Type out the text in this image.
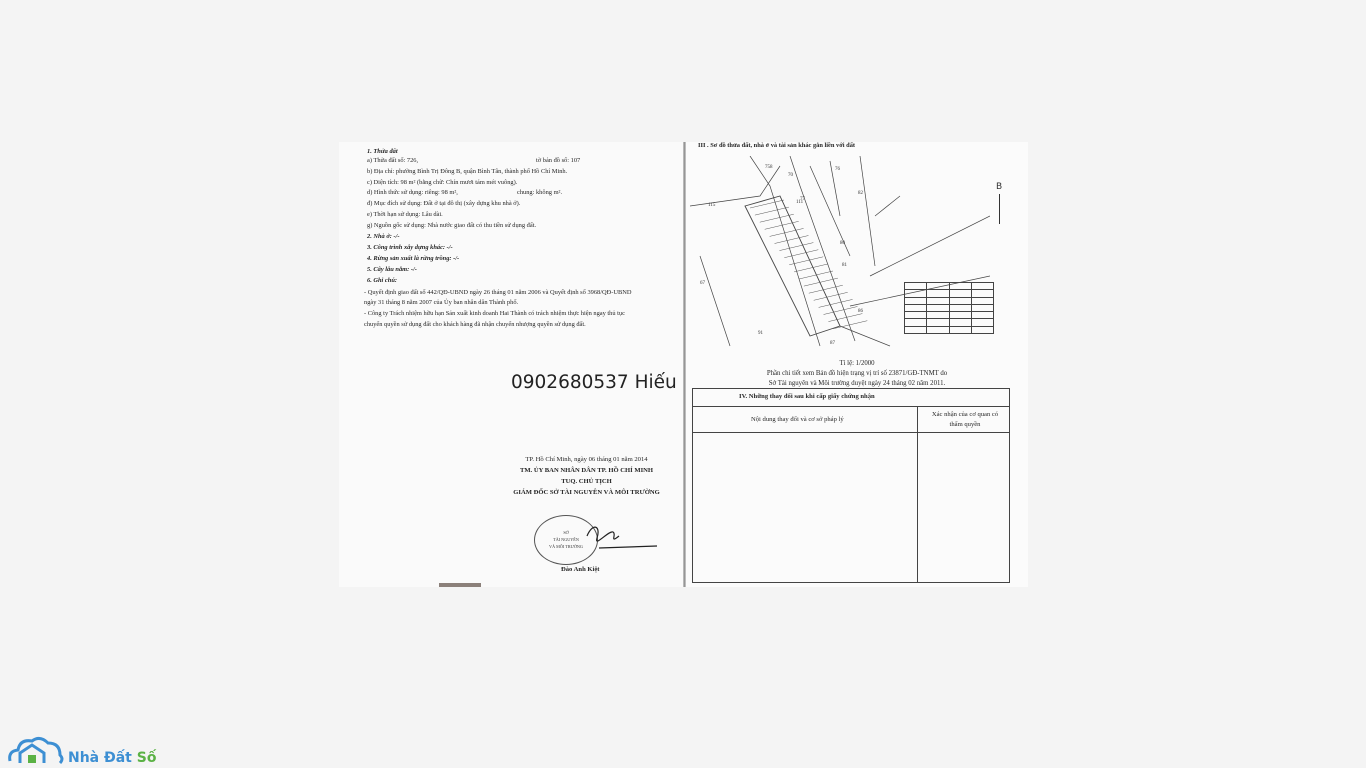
1. Thửa đất
a) Thửa đất số: 726,
b) Địa chỉ: phường Bình Trị Đông B, quận Bình Tân, thành phố Hồ Chí Minh.
c) Diện tích: 98 m² (bằng chữ: Chín mươi tám mét vuông).
d) Hình thức sử dụng: riêng: 98 m²,
đ) Mục đích sử dụng: Đất ở tại đô thị (xây dựng khu nhà ở).
e) Thời hạn sử dụng: Lâu dài.
g) Nguồn gốc sử dụng: Nhà nước giao đất có thu tiền sử dụng đất.
2. Nhà ở: -/-
3. Công trình xây dựng khác: -/-
4. Rừng sản xuất là rừng trồng: -/-
5. Cây lâu năm: -/-
6. Ghi chú:
- Quyết định giao đất số 442/QĐ-UBND ngày 26 tháng 01 năm 2006 và Quyết định số 3968/QĐ-UBND
ngày 31 tháng 8 năm 2007 của Ủy ban nhân dân Thành phố.
- Công ty Trách nhiệm hữu hạn Sản xuất kinh doanh Hai Thành có trách nhiệm thực hiện ngay thủ tục
chuyển quyền sử dụng đất cho khách hàng đã nhận chuyển nhượng quyền sử dụng đất.
tờ bản đồ số: 107
chung: không m².
0902680537 Hiếu
TP. Hồ Chí Minh, ngày 06 tháng 01 năm 2014
TM. ỦY BAN NHÂN DÂN TP. HỒ CHÍ MINH
TUQ. CHỦ TỊCH
GIÁM ĐỐC SỞ TÀI NGUYÊN VÀ MÔI TRƯỜNG
SỞ
TÀI NGUYÊN
VÀ MÔI TRƯỜNG
Đào Anh Kiệt
III . Sơ đồ thửa đất, nhà ở và tài sản khác gắn liền với đất
115
758
70
76
82
77
111
80
81
67
91
86
87
B

Tỉ lệ: 1/2000
Phần chi tiết xem Bản đồ hiện trạng vị trí số 23871/GĐ-TNMT do
Sở Tài nguyên và Môi trường duyệt ngày 24 tháng 02 năm 2011.
IV. Những thay đổi sau khi cấp giấy chứng nhận
Nội dung thay đổi và cơ sở pháp lý
Xác nhận của cơ quan có thẩm quyền
Nhà Đất Số
